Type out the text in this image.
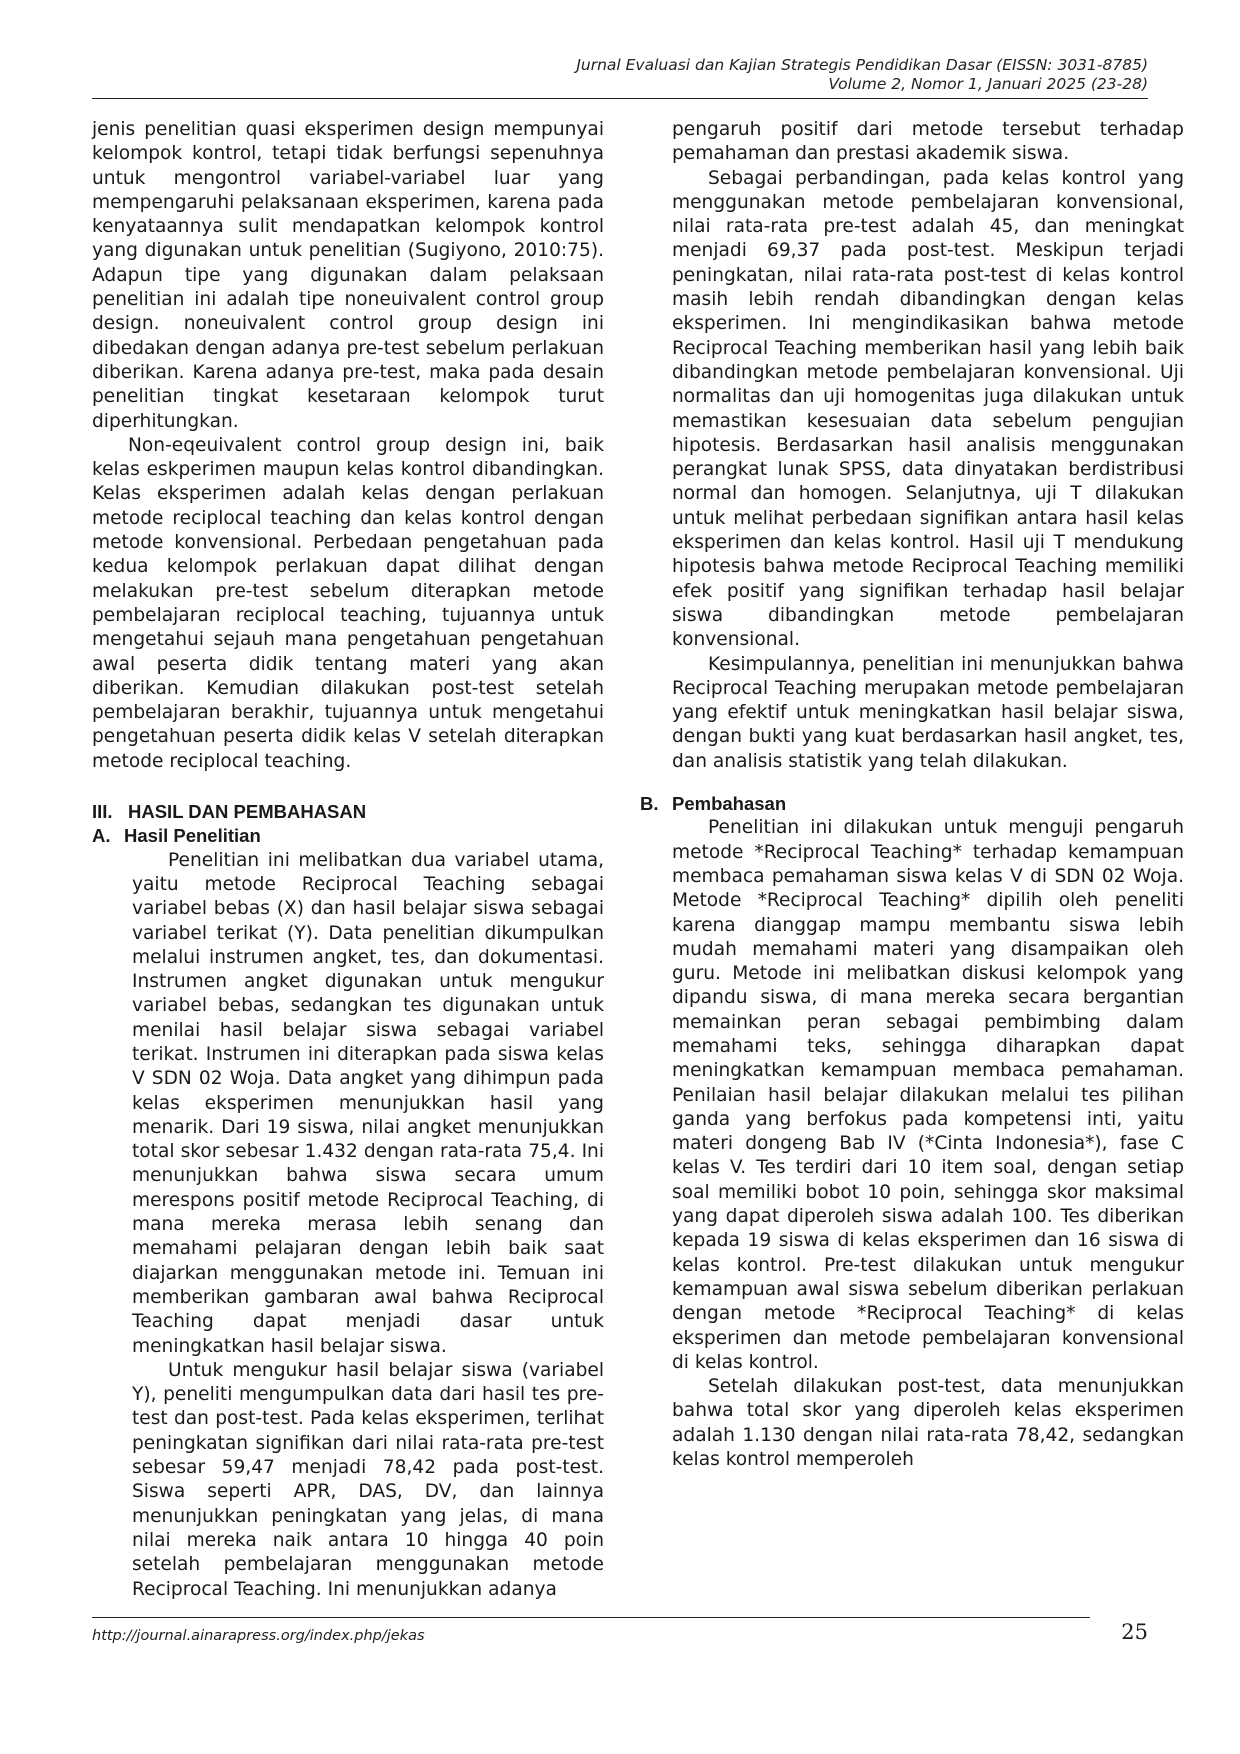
Jurnal Evaluasi dan Kajian Strategis Pendidikan Dasar (EISSN: 3031-8785)
Volume 2, Nomor 1, Januari 2025 (23-28)

jenis penelitian quasi eksperimen design mempunyai kelompok kontrol, tetapi tidak berfungsi sepenuhnya untuk mengontrol variabel-variabel luar yang mempengaruhi pelaksanaan eksperimen, karena pada kenyataannya sulit mendapatkan kelompok kontrol yang digunakan untuk penelitian (Sugiyono, 2010:75). Adapun tipe yang digunakan dalam pelaksaan penelitian ini adalah tipe noneuivalent control group design. noneuivalent control group design ini dibedakan dengan adanya pre-test sebelum perlakuan diberikan. Karena adanya pre-test, maka pada desain penelitian tingkat kesetaraan kelompok turut diperhitungkan.

Non-eqeuivalent control group design ini, baik kelas eskperimen maupun kelas kontrol dibandingkan. Kelas eksperimen adalah kelas dengan perlakuan metode reciplocal teaching dan kelas kontrol dengan metode konvensional. Perbedaan pengetahuan pada kedua kelompok perlakuan dapat dilihat dengan melakukan pre-test sebelum diterapkan metode pembelajaran reciplocal teaching, tujuannya untuk mengetahui sejauh mana pengetahuan pengetahuan awal peserta didik tentang materi yang akan diberikan. Kemudian dilakukan post-test setelah pembelajaran berakhir, tujuannya untuk mengetahui pengetahuan peserta didik kelas V setelah diterapkan metode reciplocal teaching.

III. HASIL DAN PEMBAHASAN
A. Hasil Penelitian

Penelitian ini melibatkan dua variabel utama, yaitu metode Reciprocal Teaching sebagai variabel bebas (X) dan hasil belajar siswa sebagai variabel terikat (Y). Data penelitian dikumpulkan melalui instrumen angket, tes, dan dokumentasi. Instrumen angket digunakan untuk mengukur variabel bebas, sedangkan tes digunakan untuk menilai hasil belajar siswa sebagai variabel terikat. Instrumen ini diterapkan pada siswa kelas V SDN 02 Woja. Data angket yang dihimpun pada kelas eksperimen menunjukkan hasil yang menarik. Dari 19 siswa, nilai angket menunjukkan total skor sebesar 1.432 dengan rata-rata 75,4. Ini menunjukkan bahwa siswa secara umum merespons positif metode Reciprocal Teaching, di mana mereka merasa lebih senang dan memahami pelajaran dengan lebih baik saat diajarkan menggunakan metode ini. Temuan ini memberikan gambaran awal bahwa Reciprocal Teaching dapat menjadi dasar untuk meningkatkan hasil belajar siswa.

Untuk mengukur hasil belajar siswa (variabel Y), peneliti mengumpulkan data dari hasil tes pre-test dan post-test. Pada kelas eksperimen, terlihat peningkatan signifikan dari nilai rata-rata pre-test sebesar 59,47 menjadi 78,42 pada post-test. Siswa seperti APR, DAS, DV, dan lainnya menunjukkan peningkatan yang jelas, di mana nilai mereka naik antara 10 hingga 40 poin setelah pembelajaran menggunakan metode Reciprocal Teaching. Ini menunjukkan adanya

pengaruh positif dari metode tersebut terhadap pemahaman dan prestasi akademik siswa.

Sebagai perbandingan, pada kelas kontrol yang menggunakan metode pembelajaran konvensional, nilai rata-rata pre-test adalah 45, dan meningkat menjadi 69,37 pada post-test. Meskipun terjadi peningkatan, nilai rata-rata post-test di kelas kontrol masih lebih rendah dibandingkan dengan kelas eksperimen. Ini mengindikasikan bahwa metode Reciprocal Teaching memberikan hasil yang lebih baik dibandingkan metode pembelajaran konvensional. Uji normalitas dan uji homogenitas juga dilakukan untuk memastikan kesesuaian data sebelum pengujian hipotesis. Berdasarkan hasil analisis menggunakan perangkat lunak SPSS, data dinyatakan berdistribusi normal dan homogen. Selanjutnya, uji T dilakukan untuk melihat perbedaan signifikan antara hasil kelas eksperimen dan kelas kontrol. Hasil uji T mendukung hipotesis bahwa metode Reciprocal Teaching memiliki efek positif yang signifikan terhadap hasil belajar siswa dibandingkan metode pembelajaran konvensional.

Kesimpulannya, penelitian ini menunjukkan bahwa Reciprocal Teaching merupakan metode pembelajaran yang efektif untuk meningkatkan hasil belajar siswa, dengan bukti yang kuat berdasarkan hasil angket, tes, dan analisis statistik yang telah dilakukan.

B. Pembahasan

Penelitian ini dilakukan untuk menguji pengaruh metode *Reciprocal Teaching* terhadap kemampuan membaca pemahaman siswa kelas V di SDN 02 Woja. Metode *Reciprocal Teaching* dipilih oleh peneliti karena dianggap mampu membantu siswa lebih mudah memahami materi yang disampaikan oleh guru. Metode ini melibatkan diskusi kelompok yang dipandu siswa, di mana mereka secara bergantian memainkan peran sebagai pembimbing dalam memahami teks, sehingga diharapkan dapat meningkatkan kemampuan membaca pemahaman. Penilaian hasil belajar dilakukan melalui tes pilihan ganda yang berfokus pada kompetensi inti, yaitu materi dongeng Bab IV (*Cinta Indonesia*), fase C kelas V. Tes terdiri dari 10 item soal, dengan setiap soal memiliki bobot 10 poin, sehingga skor maksimal yang dapat diperoleh siswa adalah 100. Tes diberikan kepada 19 siswa di kelas eksperimen dan 16 siswa di kelas kontrol. Pre-test dilakukan untuk mengukur kemampuan awal siswa sebelum diberikan perlakuan dengan metode *Reciprocal Teaching* di kelas eksperimen dan metode pembelajaran konvensional di kelas kontrol.

Setelah dilakukan post-test, data menunjukkan bahwa total skor yang diperoleh kelas eksperimen adalah 1.130 dengan nilai rata-rata 78,42, sedangkan kelas kontrol memperoleh

http://journal.ainarapress.org/index.php/jekas	25
